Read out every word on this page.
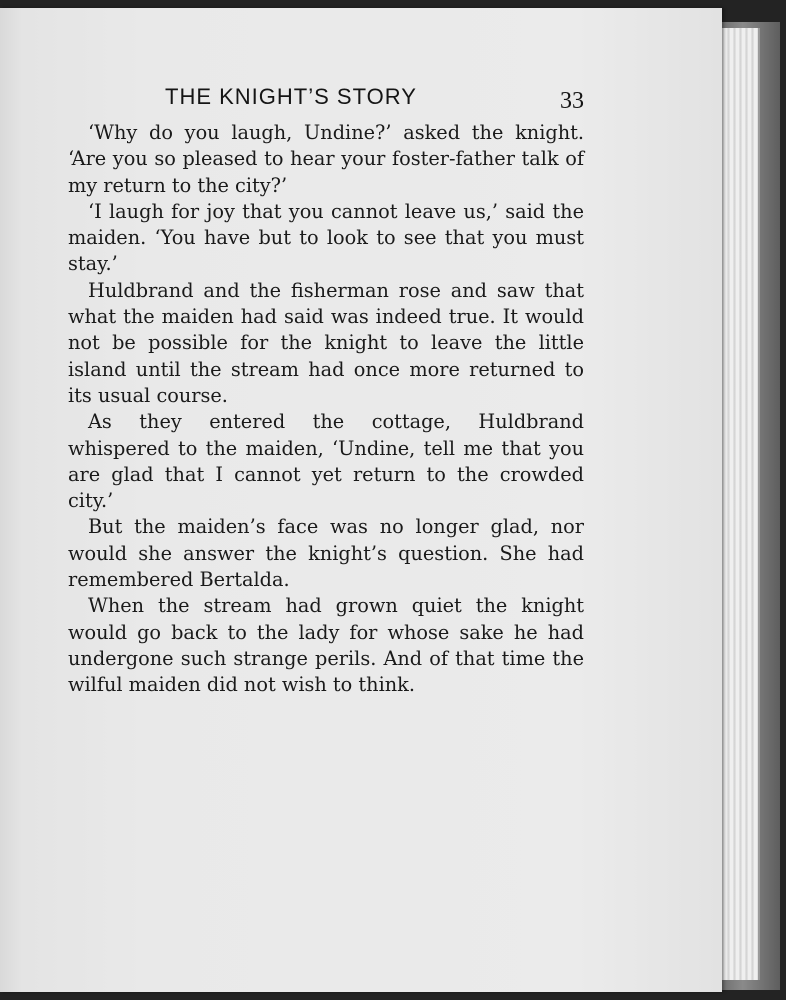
THE KNIGHT’S STORY	33

‘Why do you laugh, Undine?’ asked the knight. ‘Are you so pleased to hear your foster-father talk of my return to the city?’

‘I laugh for joy that you cannot leave us,’ said the maiden. ‘You have but to look to see that you must stay.’

Huldbrand and the fisherman rose and saw that what the maiden had said was indeed true. It would not be possible for the knight to leave the little island until the stream had once more returned to its usual course.

As they entered the cottage, Huldbrand whispered to the maiden, ‘Undine, tell me that you are glad that I cannot yet return to the crowded city.’

But the maiden’s face was no longer glad, nor would she answer the knight’s question. She had remembered Bertalda.

When the stream had grown quiet the knight would go back to the lady for whose sake he had undergone such strange perils. And of that time the wilful maiden did not wish to think.
